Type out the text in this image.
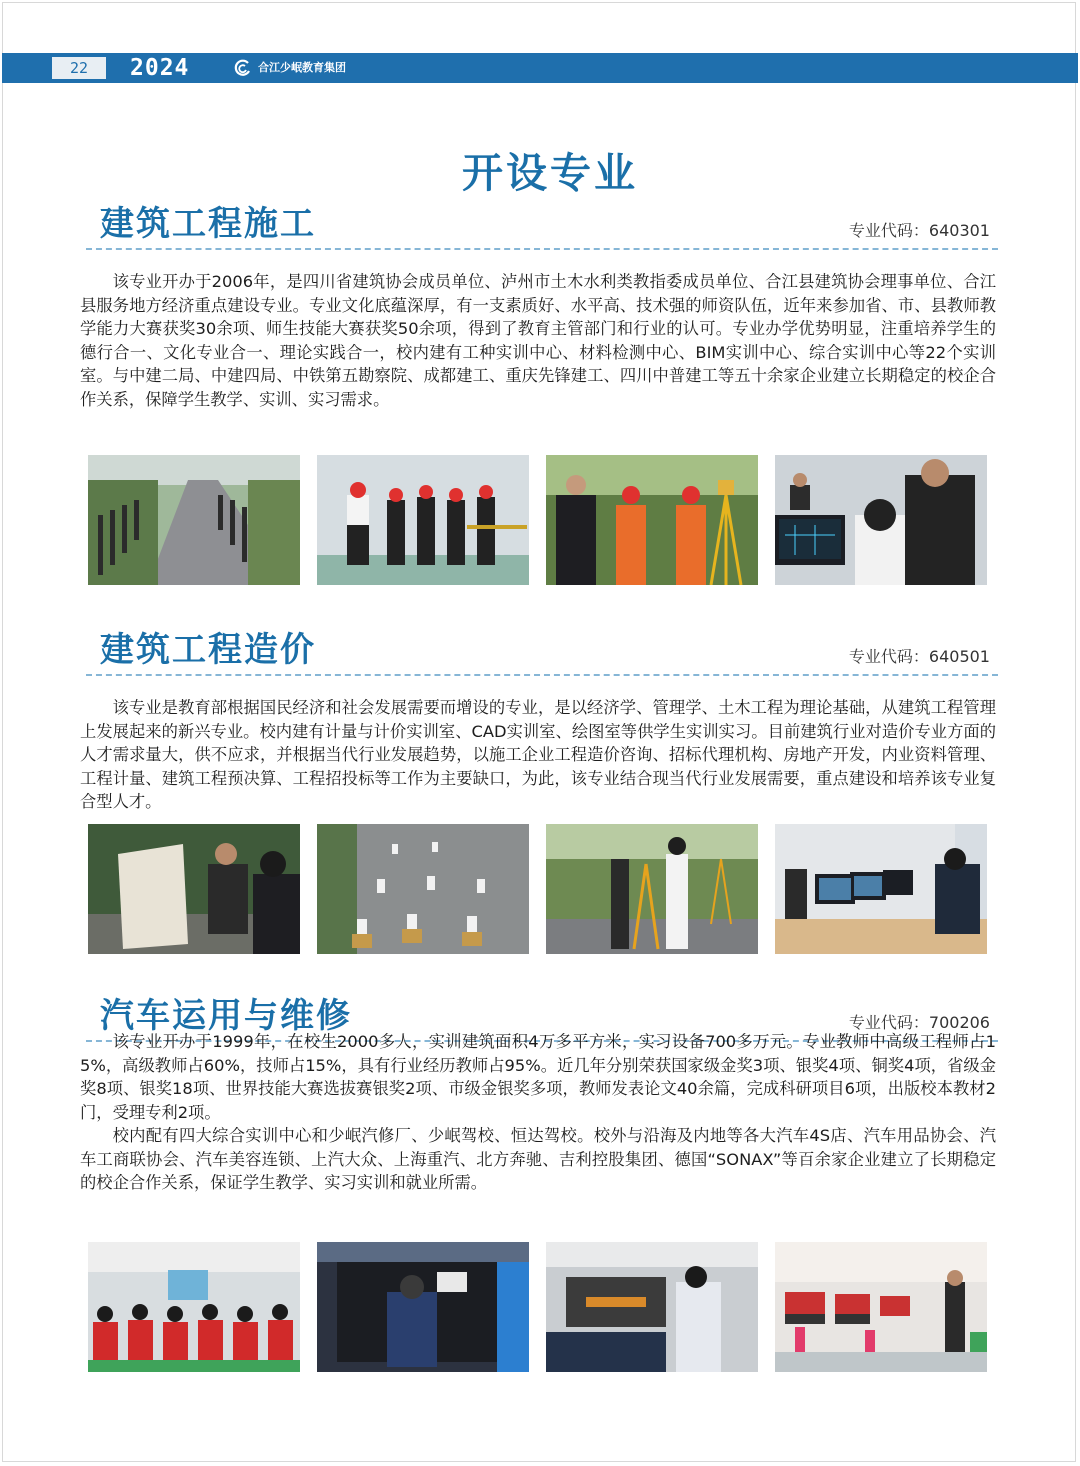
22	2024	合江少岷教育集团
开设专业
建筑工程施工	专业代码：640301

该专业开办于2006年，是四川省建筑协会成员单位、泸州市土木水利类教指委成员单位、合江县建筑协会理事单位、合江县服务地方经济重点建设专业。专业文化底蕴深厚，有一支素质好、水平高、技术强的师资队伍，近年来参加省、市、县教师教学能力大赛获奖30余项、师生技能大赛获奖50余项，得到了教育主管部门和行业的认可。专业办学优势明显，注重培养学生的德行合一、文化专业合一、理论实践合一，校内建有工种实训中心、材料检测中心、BIM实训中心、综合实训中心等22个实训室。与中建二局、中建四局、中铁第五勘察院、成都建工、重庆先锋建工、四川中普建工等五十余家企业建立长期稳定的校企合作关系，保障学生教学、实训、实习需求。

建筑工程造价	专业代码：640501

该专业是教育部根据国民经济和社会发展需要而增设的专业，是以经济学、管理学、土木工程为理论基础，从建筑工程管理上发展起来的新兴专业。校内建有计量与计价实训室、CAD实训室、绘图室等供学生实训实习。目前建筑行业对造价专业方面的人才需求量大，供不应求，并根据当代行业发展趋势，以施工企业工程造价咨询、招标代理机构、房地产开发，内业资料管理、工程计量、建筑工程预决算、工程招投标等工作为主要缺口，为此，该专业结合现当代行业发展需要，重点建设和培养该专业复合型人才。

汽车运用与维修	专业代码：700206

该专业开办于1999年，在校生2000多人，实训建筑面积4万多平方米，实习设备700多万元。专业教师中高级工程师占15%，高级教师占60%，技师占15%，具有行业经历教师占95%。近几年分别荣获国家级金奖3项、银奖4项、铜奖4项，省级金奖8项、银奖18项、世界技能大赛选拔赛银奖2项、市级金银奖多项，教师发表论文40余篇，完成科研项目6项，出版校本教材2门，受理专利2项。

校内配有四大综合实训中心和少岷汽修厂、少岷驾校、恒达驾校。校外与沿海及内地等各大汽车4S店、汽车用品协会、汽车工商联协会、汽车美容连锁、上汽大众、上海重汽、北方奔驰、吉利控股集团、德国“SONAX”等百余家企业建立了长期稳定的校企合作关系，保证学生教学、实习实训和就业所需。
